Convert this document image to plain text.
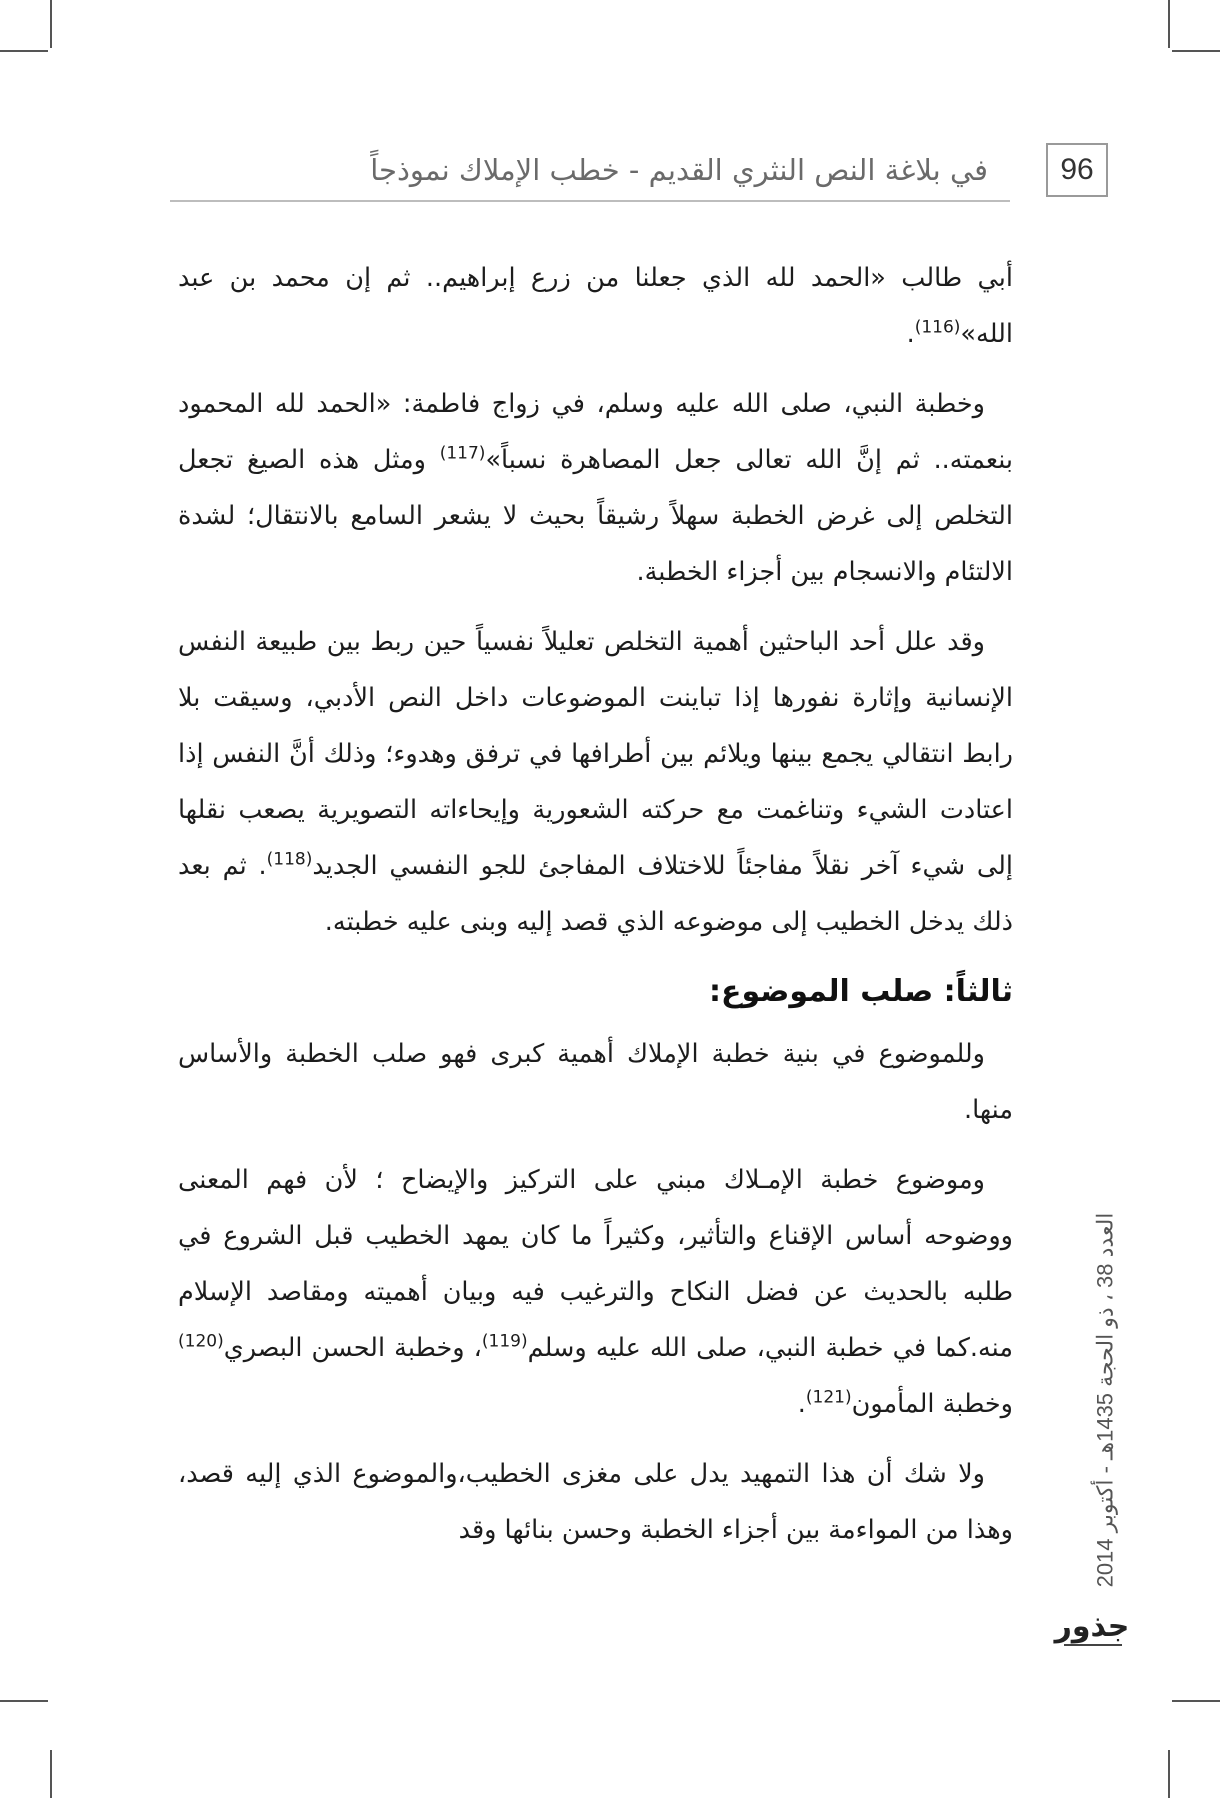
96
في بلاغة النص النثري القديم - خطب الإملاك نموذجاً

أبي طالب «الحمد لله الذي جعلنا من زرع إبراهيم.. ثم إن محمد بن عبد الله»$^{(116)}$.

وخطبة النبي، صلى الله عليه وسلم، في زواج فاطمة: «الحمد لله المحمود بنعمته.. ثم إنَّ الله تعالى جعل المصاهرة نسباً»$^{(117)}$ ومثل هذه الصيغ تجعل التخلص إلى غرض الخطبة سهلاً رشيقاً بحيث لا يشعر السامع بالانتقال؛ لشدة الالتئام والانسجام بين أجزاء الخطبة.

وقد علل أحد الباحثين أهمية التخلص تعليلاً نفسياً حين ربط بين طبيعة النفس الإنسانية وإثارة نفورها إذا تباينت الموضوعات داخل النص الأدبي، وسيقت بلا رابط انتقالي يجمع بينها ويلائم بين أطرافها في ترفق وهدوء؛ وذلك أنَّ النفس إذا اعتادت الشيء وتناغمت مع حركته الشعورية وإيحاءاته التصويرية يصعب نقلها إلى شيء آخر نقلاً مفاجئاً للاختلاف المفاجئ للجو النفسي الجديد$^{(118)}$. ثم بعد ذلك يدخل الخطيب إلى موضوعه الذي قصد إليه وبنى عليه خطبته.

ثالثاً: صلب الموضوع:

وللموضوع في بنية خطبة الإملاك أهمية كبرى فهو صلب الخطبة والأساس منها.

وموضوع خطبة الإمـلاك مبني على التركيز والإيضاح ؛ لأن فهم المعنى ووضوحه أساس الإقناع والتأثير، وكثيراً ما كان يمهد الخطيب قبل الشروع في طلبه بالحديث عن فضل النكاح والترغيب فيه وبيان أهميته ومقاصد الإسلام منه.كما في خطبة النبي، صلى الله عليه وسلم$^{(119)}$، وخطبة الحسن البصري$^{(120)}$ وخطبة المأمون$^{(121)}$.

ولا شك أن هذا التمهيد يدل على مغزى الخطيب،والموضوع الذي إليه قصد، وهذا من المواءمة بين أجزاء الخطبة وحسن بنائها وقد

العدد 38 ، ذو الحجة 1435هـ - أكتوبر 2014
جذور
